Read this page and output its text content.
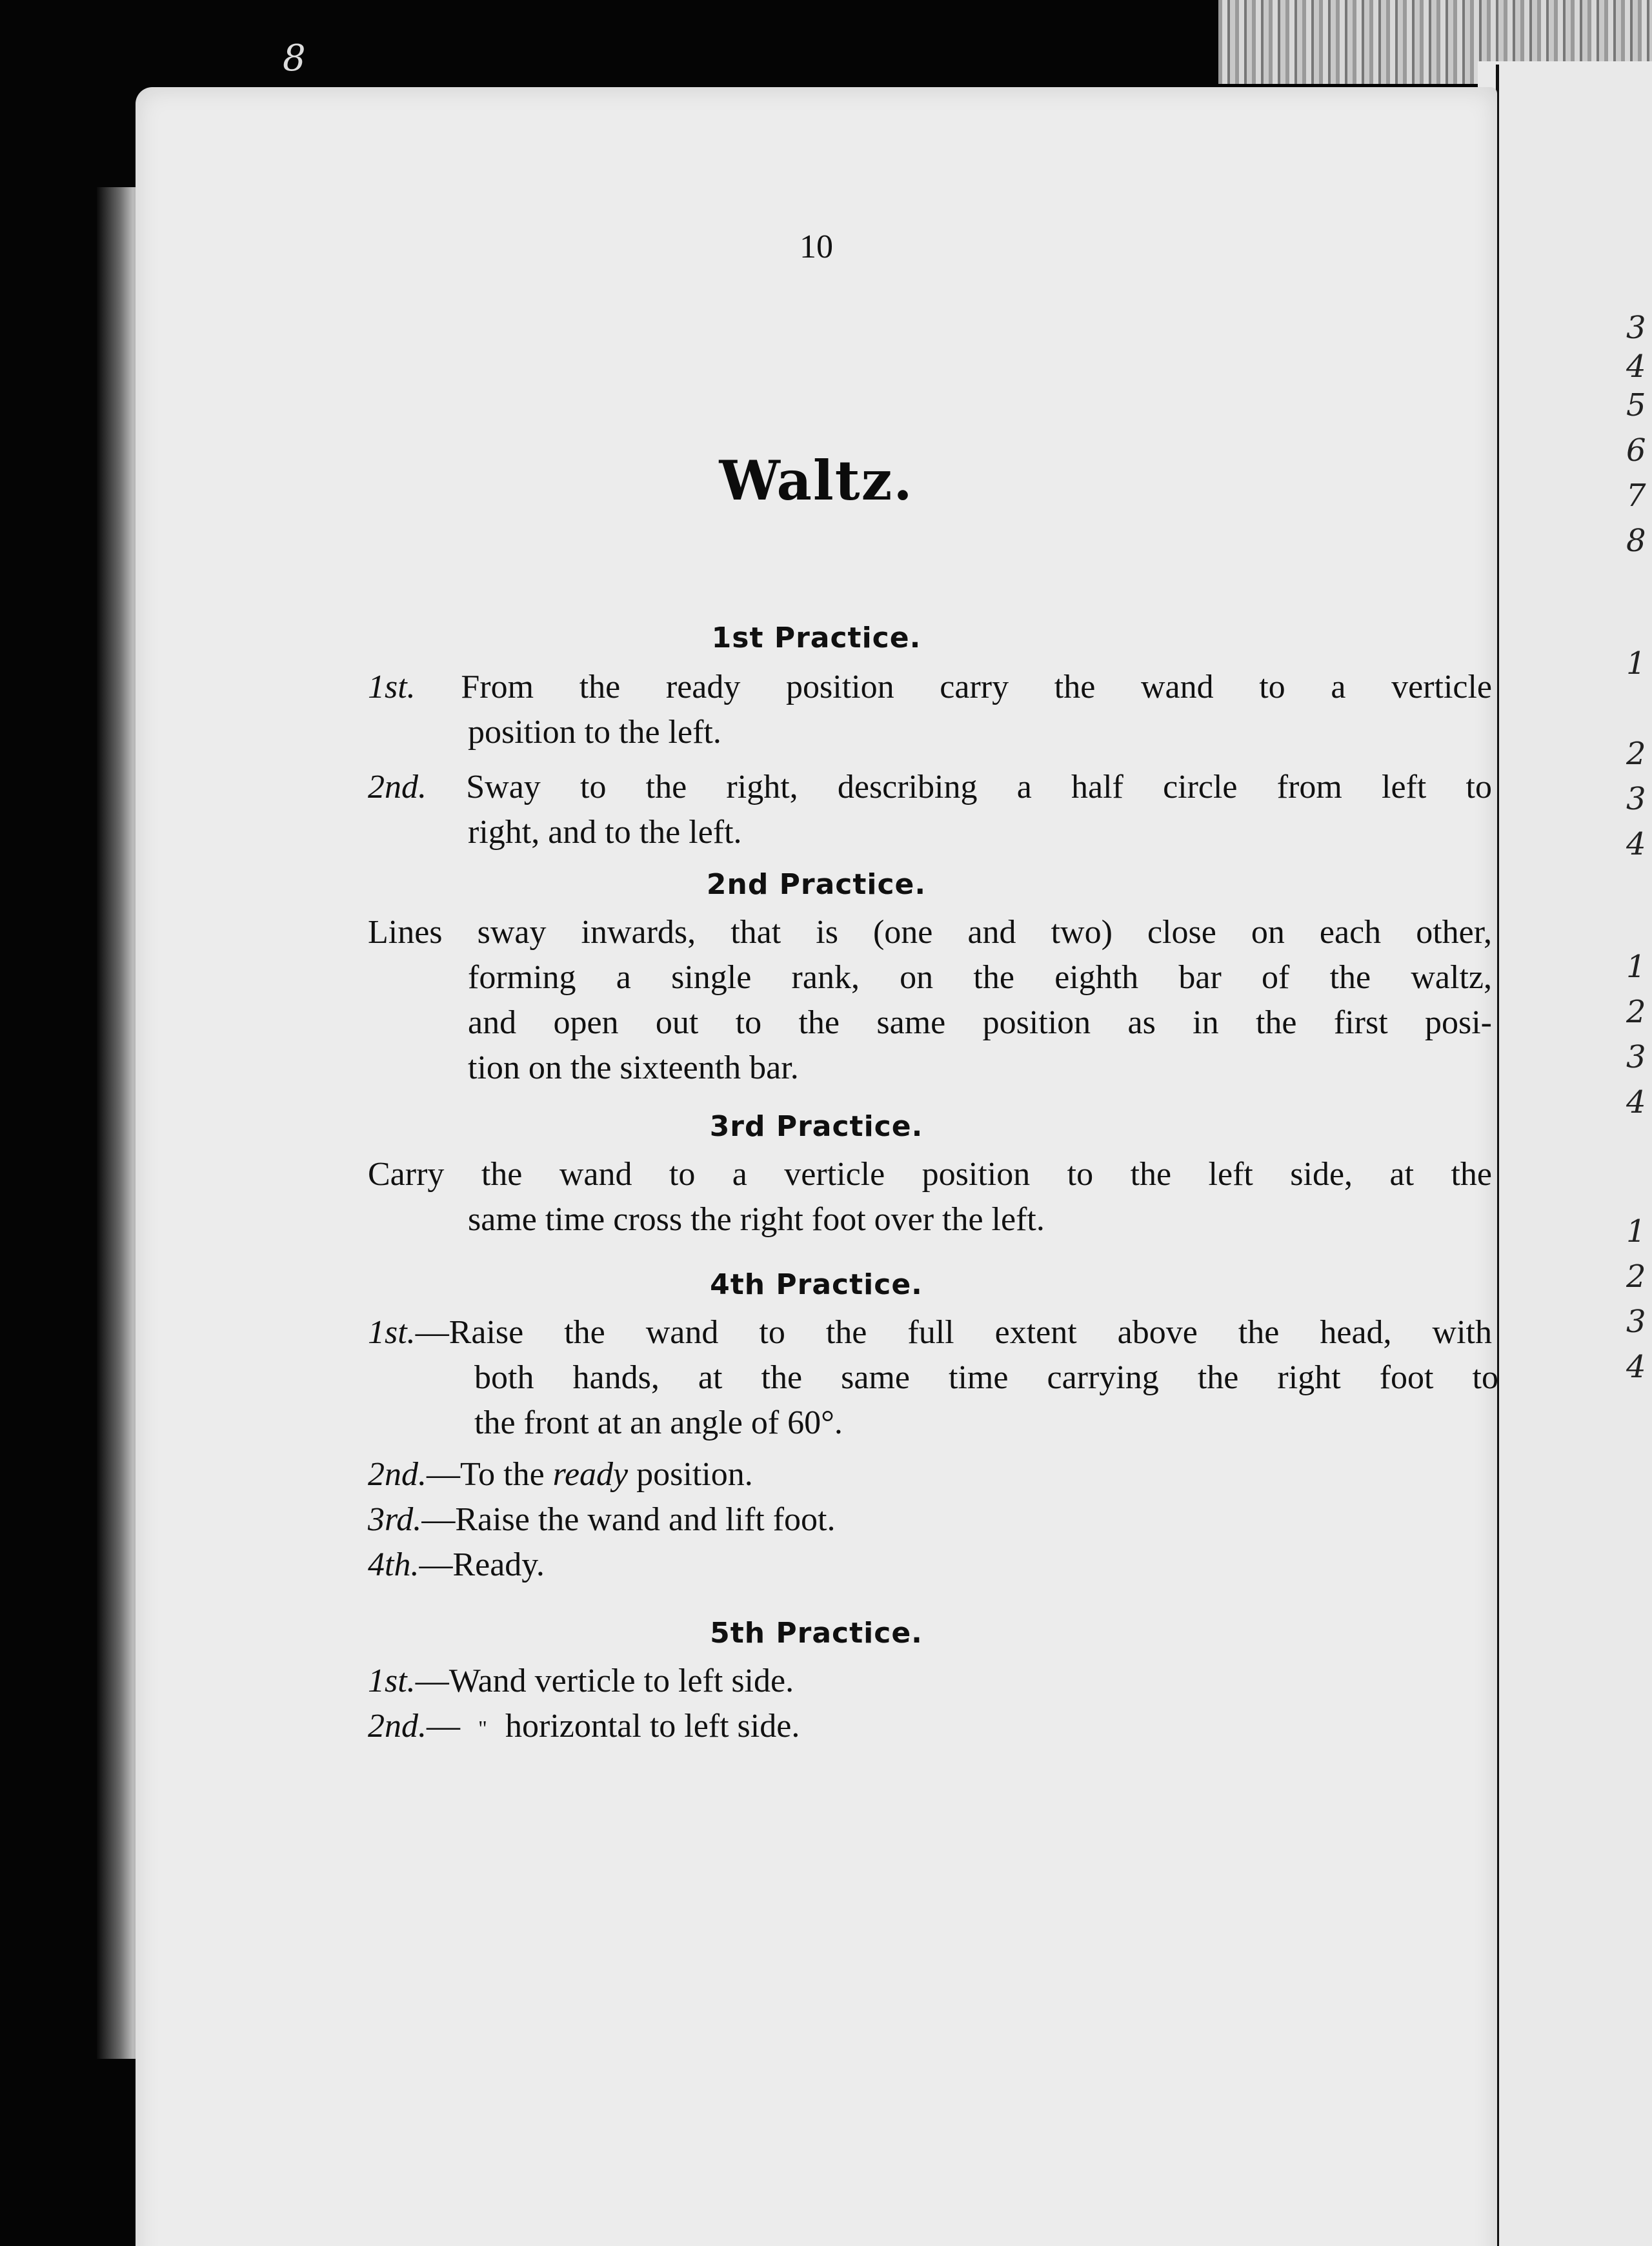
8
3
4
5
6
7
8
1
2
3
4
1
2
3
4
1
2
3
4
10
Waltz.
1st Practice.
1st. From the ready position carry the wand to a verticle
position to the left.
2nd. Sway to the right, describing a half circle from left to
right, and to the left.
2nd Practice.
Lines sway inwards, that is (one and two) close on each other,
forming a single rank, on the eighth bar of the waltz,
and open out to the same position as in the first posi-
tion on the sixteenth bar.
3rd Practice.
Carry the wand to a verticle position to the left side, at the
same time cross the right foot over the left.
4th Practice.
1st.—Raise the wand to the full extent above the head, with
both hands, at the same time carrying the right foot to
the front at an angle of 60°.
2nd.—To the ready position.
3rd.—Raise the wand and lift foot.
4th.—Ready.
5th Practice.
1st.—Wand verticle to left side.
2nd.— " horizontal to left side.
